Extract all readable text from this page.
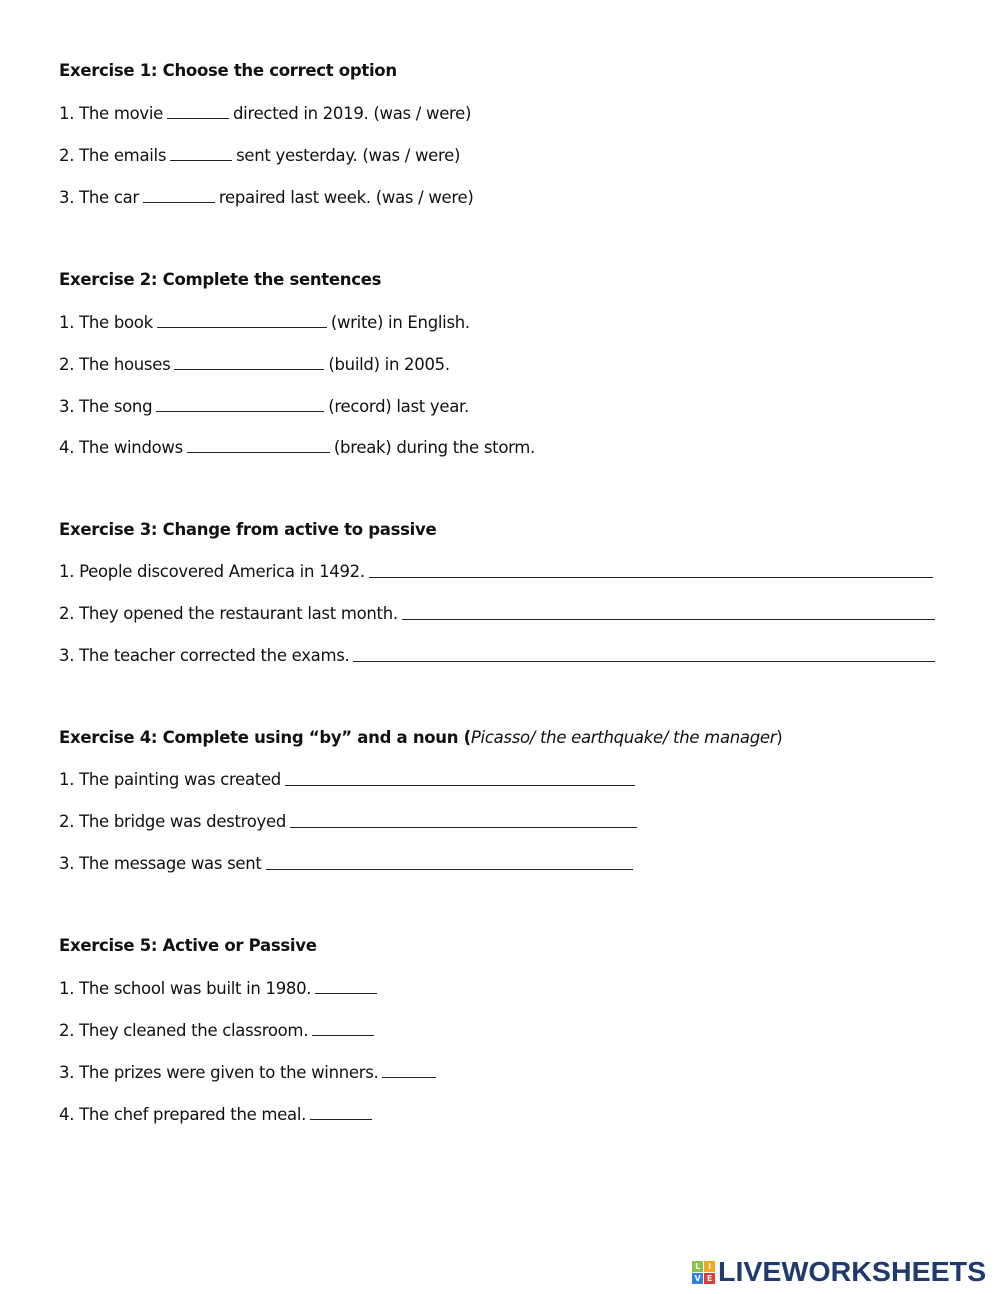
Exercise 1: Choose the correct option
1. The movie	directed in 2019. (was / were)
2. The emails	sent yesterday. (was / were)
3. The car	repaired last week. (was / were)
Exercise 2: Complete the sentences
1. The book	(write) in English.
2. The houses	(build) in 2005.
3. The song	(record) last year.
4. The windows	(break) during the storm.
Exercise 3: Change from active to passive
1. People discovered America in 1492.
2. They opened the restaurant last month.
3. The teacher corrected the exams.
Exercise 4: Complete using “by” and a noun (Picasso/ the earthquake/ the manager)
1. The painting was created
2. The bridge was destroyed
3. The message was sent
Exercise 5: Active or Passive
1. The school was built in 1980.
2. They cleaned the classroom.
3. The prizes were given to the winners.
4. The chef prepared the meal.
L	I
V E LIVEWORKSHEETS
